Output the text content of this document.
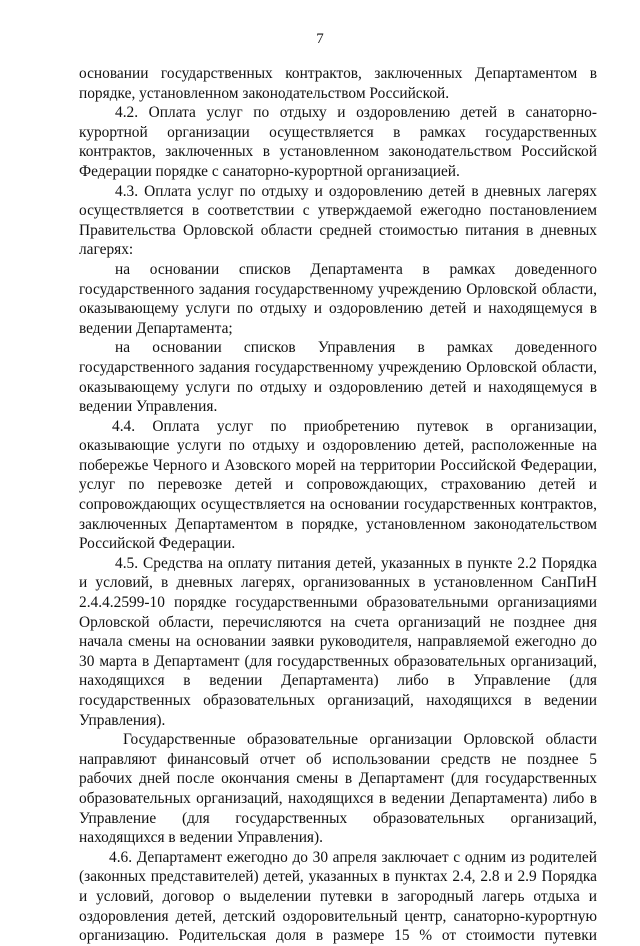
7

основании государственных контрактов, заключенных Департаментом в порядке, установленном законодательством Российской.

4.2. Оплата услуг по отдыху и оздоровлению детей в санаторно-курортной организации осуществляется в рамках государственных контрактов, заключенных в установленном законодательством Российской Федерации порядке с санаторно-курортной организацией.

4.3. Оплата услуг по отдыху и оздоровлению детей в дневных лагерях осуществляется в соответствии с утверждаемой ежегодно постановлением Правительства Орловской области средней стоимостью питания в дневных лагерях:

на основании списков Департамента в рамках доведенного государственного задания государственному учреждению Орловской области, оказывающему услуги по отдыху и оздоровлению детей и находящемуся в ведении Департамента;

на основании списков Управления в рамках доведенного государственного задания государственному учреждению Орловской области, оказывающему услуги по отдыху и оздоровлению детей и находящемуся в ведении Управления.

4.4. Оплата услуг по приобретению путевок в организации, оказывающие услуги по отдыху и оздоровлению детей, расположенные на побережье Черного и Азовского морей на территории Российской Федерации, услуг по перевозке детей и сопровождающих, страхованию детей и сопровождающих осуществляется на основании государственных контрактов, заключенных Департаментом в порядке, установленном законодательством Российской Федерации.

4.5. Средства на оплату питания детей, указанных в пункте 2.2 Порядка и условий, в дневных лагерях, организованных в установленном СанПиН 2.4.4.2599-10 порядке государственными образовательными организациями Орловской области, перечисляются на счета организаций не позднее дня начала смены на основании заявки руководителя, направляемой ежегодно до 30 марта в Департамент (для государственных образовательных организаций, находящихся в ведении Департамента) либо в Управление (для государственных образовательных организаций, находящихся в ведении Управления).

Государственные образовательные организации Орловской области направляют финансовый отчет об использовании средств не позднее 5 рабочих дней после окончания смены в Департамент (для государственных образовательных организаций, находящихся в ведении Департамента) либо в Управление (для государственных образовательных организаций, находящихся в ведении Управления).

4.6. Департамент ежегодно до 30 апреля заключает с одним из родителей (законных представителей) детей, указанных в пунктах 2.4, 2.8 и 2.9 Порядка и условий, договор о выделении путевки в загородный лагерь отдыха и оздоровления детей, детский оздоровительный центр, санаторно-курортную организацию. Родительская доля в размере 15 % от стоимости путевки
